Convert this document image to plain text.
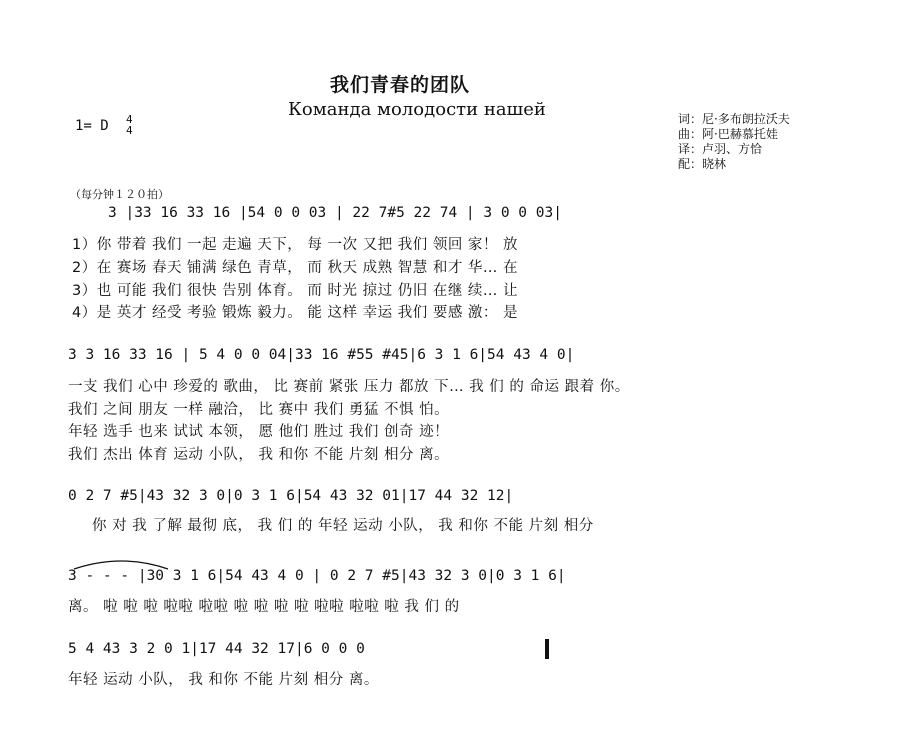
我们青春的团队
Команда молодости нашей
1= D 4
4
词：尼·多布朗拉沃夫
曲：阿·巴赫慕托娃
译：卢羽、方恰
配：晓林
（每分钟１２０拍）
3 |33 16 33 16 |54 0 0 03 | 22 7#5 22 74 | 3 0 0 03|
1）你 带着 我们 一起 走遍 天下， 每 一次 又把 我们 领回 家！ 放
2）在 赛场 春天 铺满 绿色 青草， 而 秋天 成熟 智慧 和才 华… 在
3）也 可能 我们 很快 告别 体育。 而 时光 掠过 仍旧 在继 续… 让
4）是 英才 经受 考验 锻炼 毅力。 能 这样 幸运 我们 要感 激： 是
3 3 16 33 16 | 5 4 0 0 04|33 16 #55 #45|6 3 1 6|54 43 4 0|
一支 我们 心中 珍爱的 歌曲， 比 赛前 紧张 压力 都放 下… 我 们 的 命运 跟着 你。
我们 之间 朋友 一样 融洽， 比 赛中 我们 勇猛 不惧 怕。
年轻 选手 也来 试试 本领， 愿 他们 胜过 我们 创奇 迹！
我们 杰出 体育 运动 小队， 我 和你 不能 片刻 相分 离。
0 2 7 #5|43 32 3 0|0 3 1 6|54 43 32 01|17 44 32 12|
你 对 我 了解 最彻 底， 我 们 的 年轻 运动 小队， 我 和你 不能 片刻 相分
3 - - - |30 3 1 6|54 43 4 0 | 0 2 7 #5|43 32 3 0|0 3 1 6|
离。 啦 啦 啦 啦啦 啦啦 啦 啦 啦 啦 啦啦 啦啦 啦 我 们 的
5 4 43 3 2 0 1|17 44 32 17|6 0 0 0
年轻 运动 小队， 我 和你 不能 片刻 相分 离。
